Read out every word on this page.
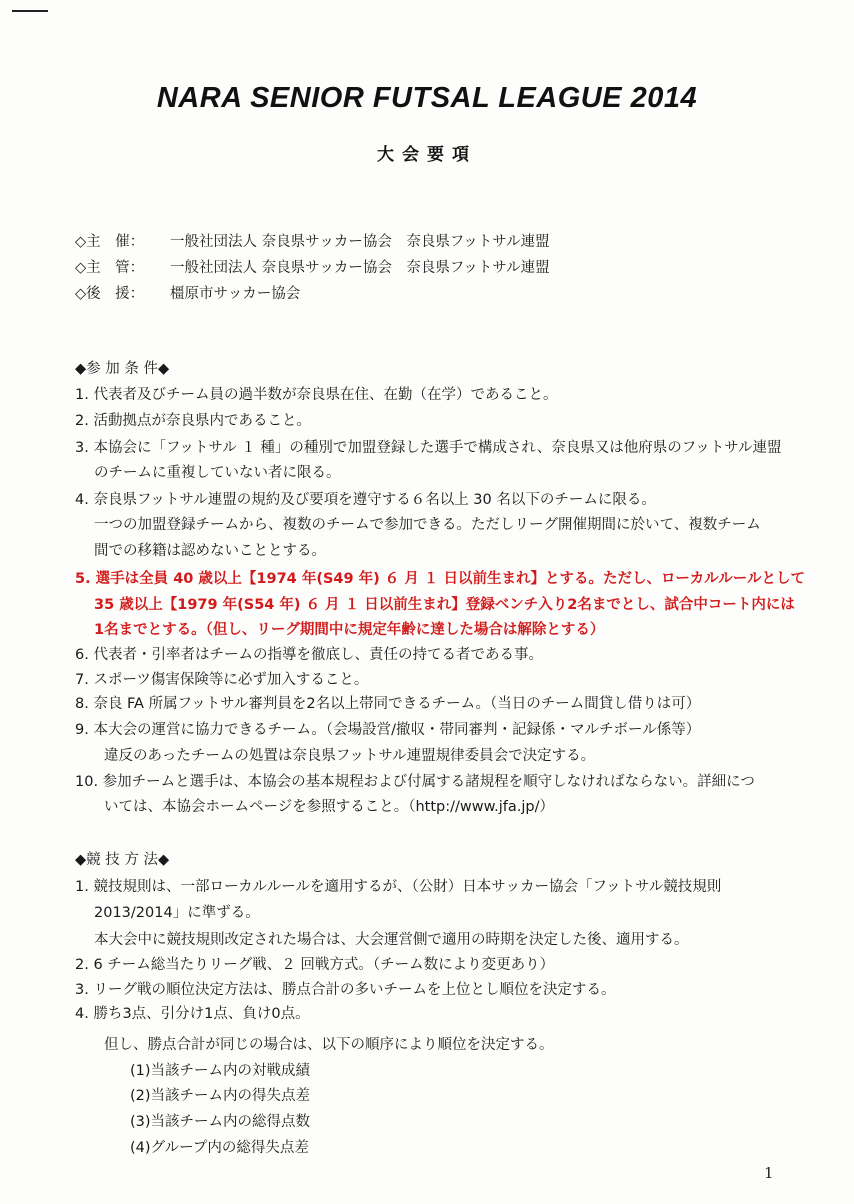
NARA SENIOR FUTSAL LEAGUE 2014
大会要項
◇主　催： 一般社団法人 奈良県サッカー協会　奈良県フットサル連盟
◇主　管： 一般社団法人 奈良県サッカー協会　奈良県フットサル連盟
◇後　援： 橿原市サッカー協会
◆参 加 条 件◆
1. 代表者及びチーム員の過半数が奈良県在住、在勤（在学）であること。
2. 活動拠点が奈良県内であること。
3. 本協会に「フットサル １ 種」の種別で加盟登録した選手で構成され、奈良県又は他府県のフットサル連盟
のチームに重複していない者に限る。
4. 奈良県フットサル連盟の規約及び要項を遵守する６名以上 30 名以下のチームに限る。
一つの加盟登録チームから、複数のチームで参加できる。ただしリーグ開催期間に於いて、複数チーム
間での移籍は認めないこととする。
5. 選手は全員 40 歳以上【1974 年(S49 年) ６ 月 １ 日以前生まれ】とする。ただし、ローカルルールとして
35 歳以上【1979 年(S54 年) ６ 月 １ 日以前生まれ】登録ベンチ入り2名までとし、試合中コート内には
1名までとする。（但し、リーグ期間中に規定年齢に達した場合は解除とする）
6. 代表者・引率者はチームの指導を徹底し、責任の持てる者である事。
7. スポーツ傷害保険等に必ず加入すること。
8. 奈良 FA 所属フットサル審判員を2名以上帯同できるチーム。（当日のチーム間貸し借りは可）
9. 本大会の運営に協力できるチーム。（会場設営/撤収・帯同審判・記録係・マルチボール係等）
違反のあったチームの処置は奈良県フットサル連盟規律委員会で決定する。
10. 参加チームと選手は、本協会の基本規程および付属する諸規程を順守しなければならない。詳細につ
いては、本協会ホームページを参照すること。（http://www.jfa.jp/）
◆競 技 方 法◆
1. 競技規則は、一部ローカルルールを適用するが、（公財）日本サッカー協会「フットサル競技規則
2013/2014」に準ずる。
本大会中に競技規則改定された場合は、大会運営側で適用の時期を決定した後、適用する。
2. 6 チーム総当たりリーグ戦、２ 回戦方式。（チーム数により変更あり）
3. リーグ戦の順位決定方法は、勝点合計の多いチームを上位とし順位を決定する。
4. 勝ち3点、引分け1点、負け0点。
但し、勝点合計が同じの場合は、以下の順序により順位を決定する。
(1)当該チーム内の対戦成績
(2)当該チーム内の得失点差
(3)当該チーム内の総得点数
(4)グループ内の総得失点差
1
